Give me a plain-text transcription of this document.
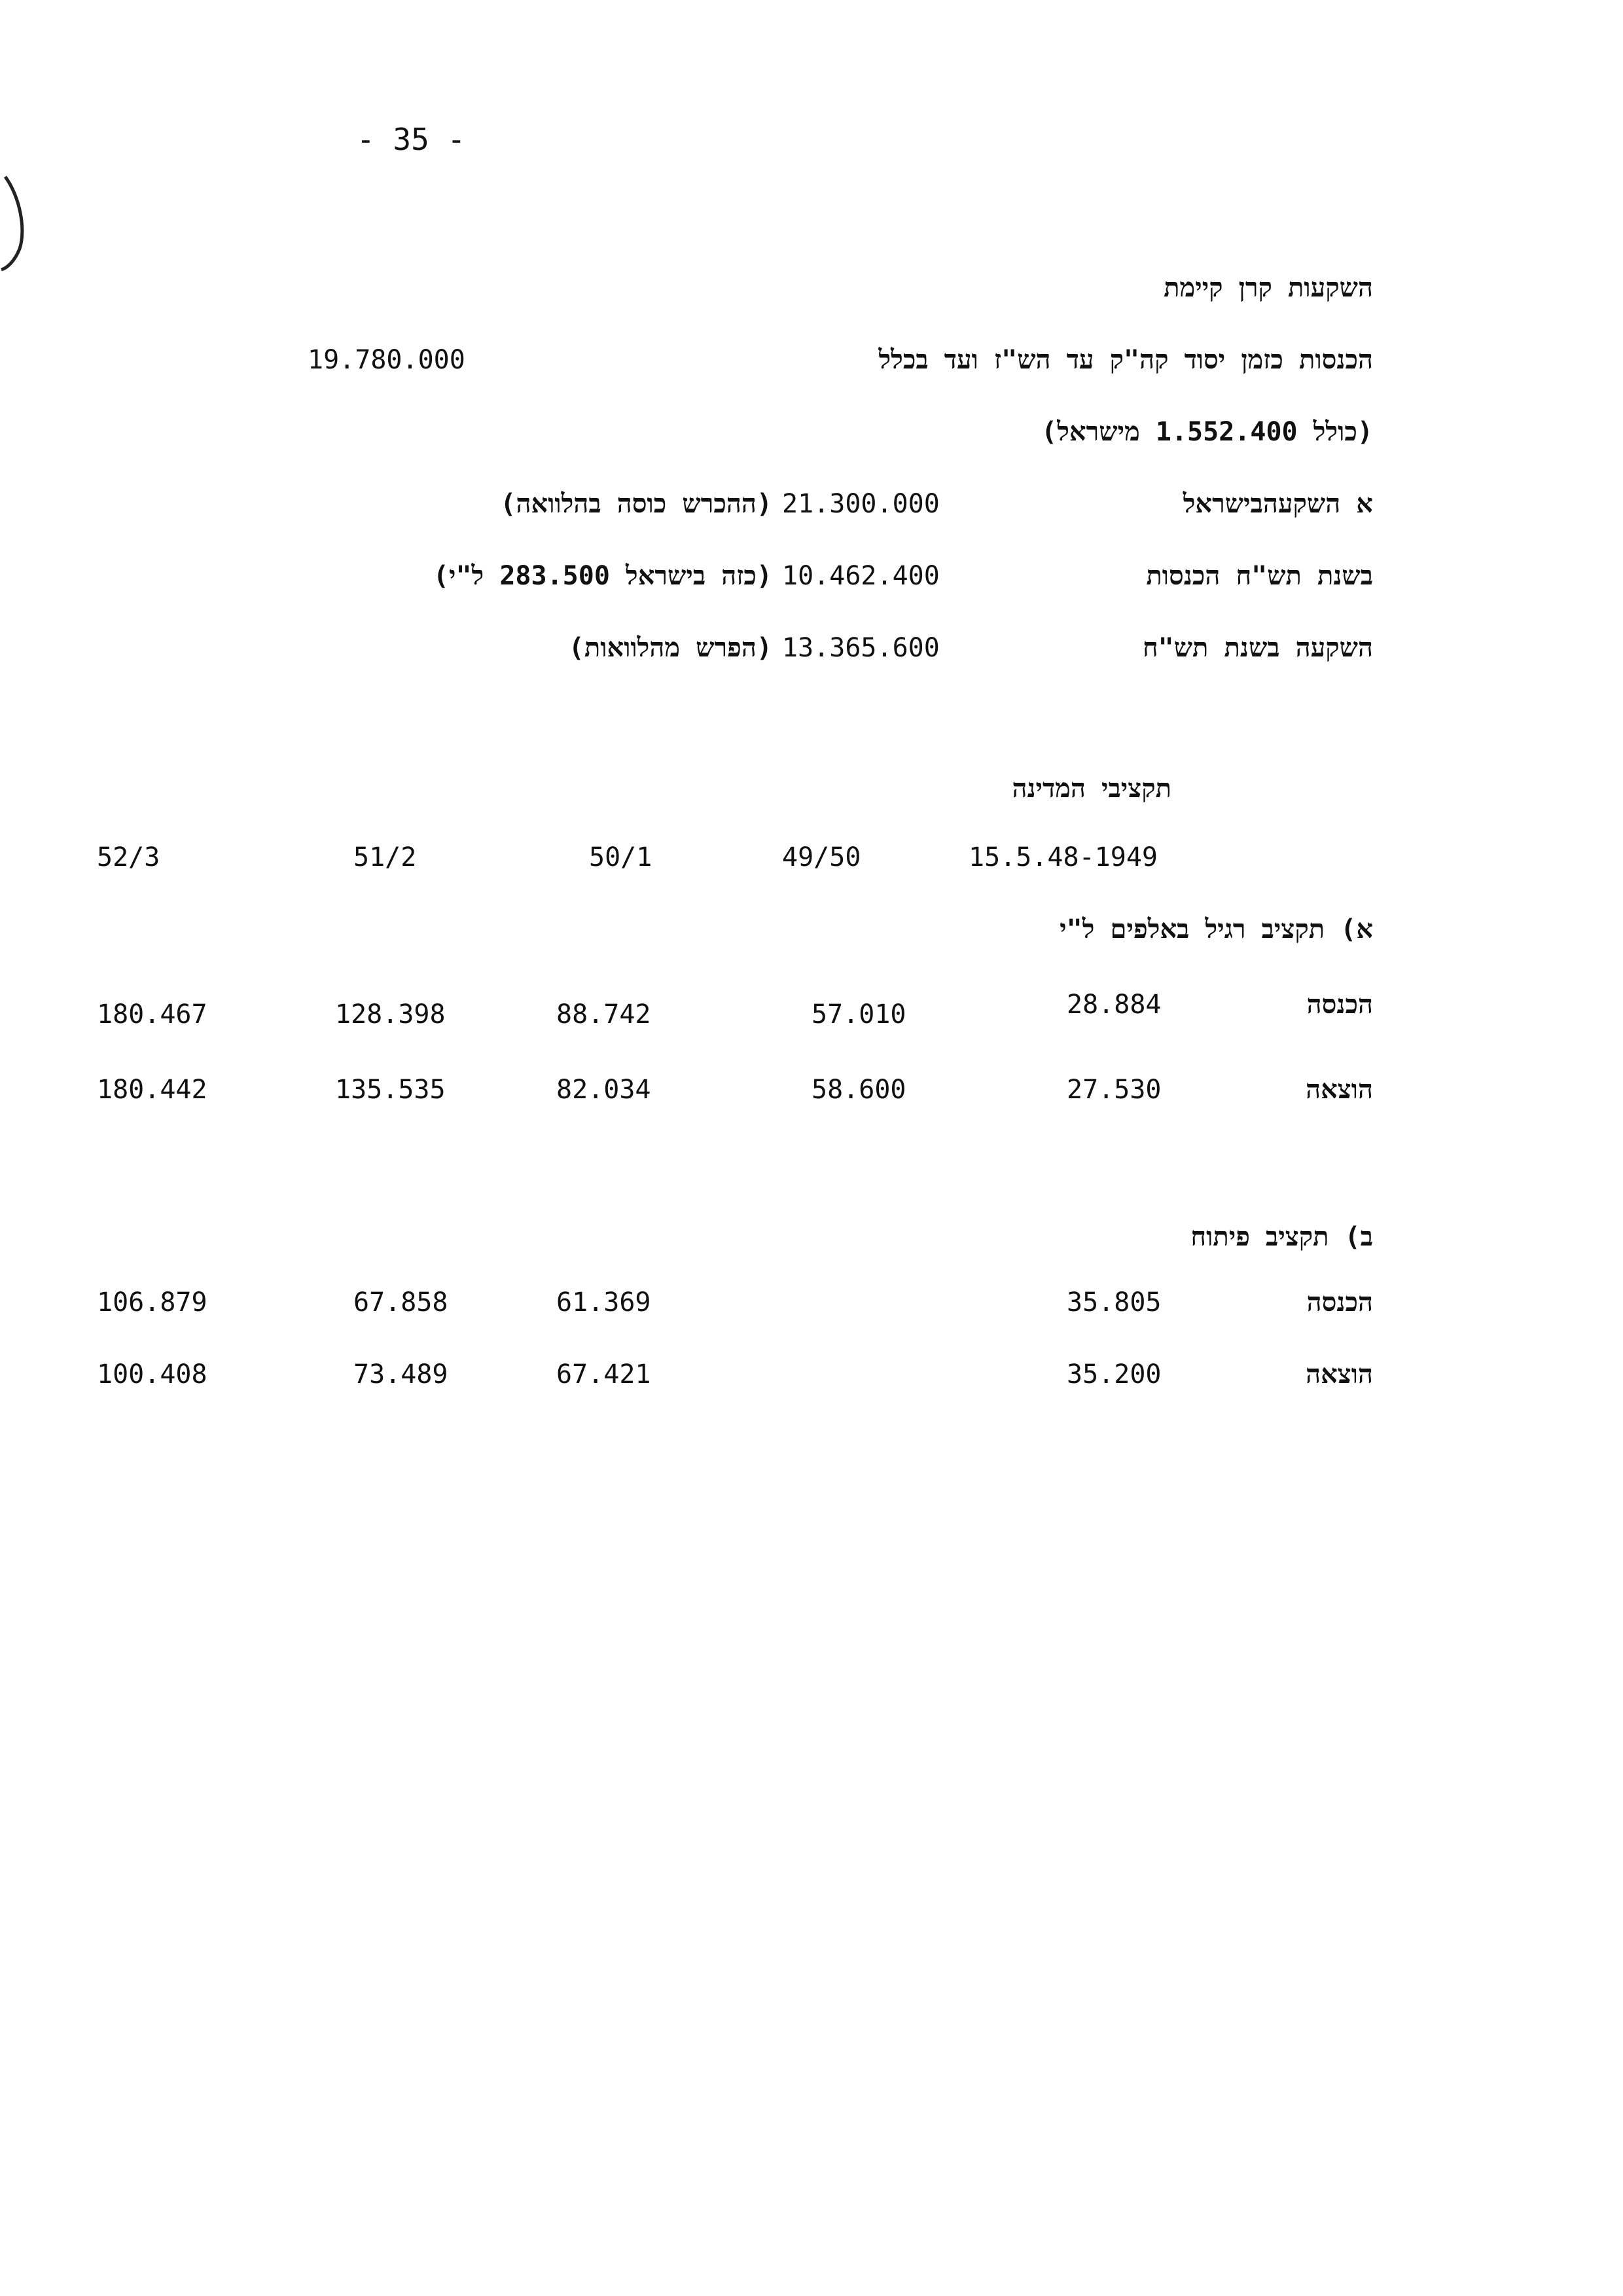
- 35 -
השקעות קרן קיימת
הכנסות כזמן יסוד קה"ק עד הש"ז ועד בכלל
19.780.000
(כולל 1.552.400 מישראל)
א השקעהבישראל
21.300.000
(ההכרש כוסה בהלוואה)
בשנת תש"ח הכנסות
10.462.400
(כזה בישראל 283.500 ל"י)
השקעה בשנת תש"ח
13.365.600
(הפרש מהלוואות)
תקציבי המדינה
15.5.48-1949
49/50
50/1
51/2
52/3
א) תקציב רגיל באלפים ל"י
הכנסה
28.884
57.010
88.742
128.398
180.467
הוצאה
27.530
58.600
82.034
135.535
180.442
ב) תקציב פיתוח
הכנסה
35.805
61.369
67.858
106.879
הוצאה
35.200
67.421
73.489
100.408
